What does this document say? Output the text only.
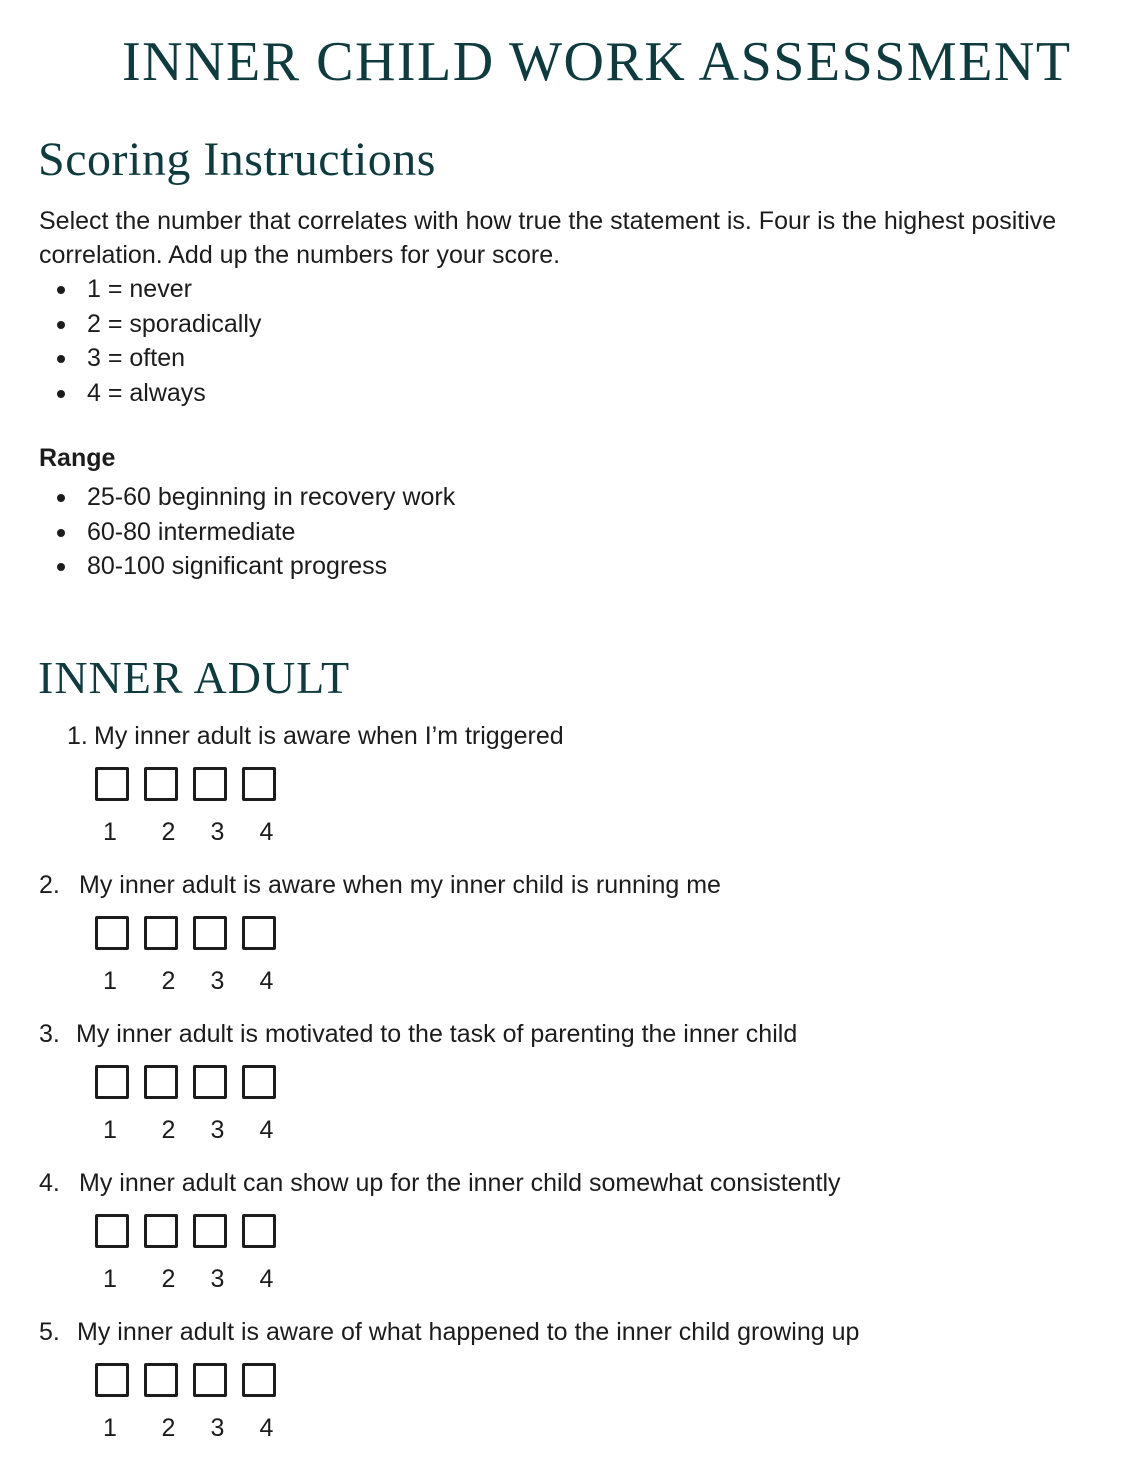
INNER CHILD WORK ASSESSMENT
Scoring Instructions

Select the number that correlates with how true the statement is. Four is the highest positive correlation. Add up the numbers for your score.

1 = never
2 = sporadically
3 = often
4 = always

Range

25-60 beginning in recovery work
60-80 intermediate
80-100 significant progress
INNER ADULT

1. My inner adult is aware when I’m triggered

1	2	3	4

2. My inner adult is aware when my inner child is running me

1	2	3	4

3. My inner adult is motivated to the task of parenting the inner child

1	2	3	4

4. My inner adult can show up for the inner child somewhat consistently

1	2	3	4

5. My inner adult is aware of what happened to the inner child growing up

1	2	3	4
